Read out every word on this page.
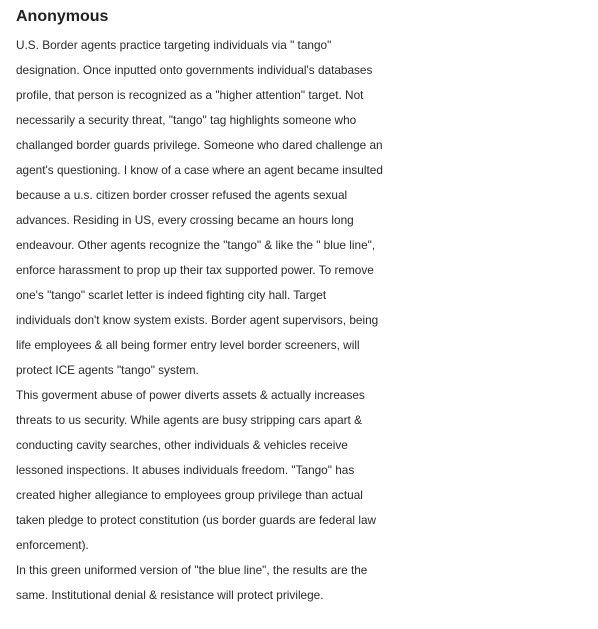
Anonymous
U.S. Border agents practice targeting individuals via " tango"
designation. Once inputted onto governments individual's databases
profile, that person is recognized as a "higher attention" target. Not
necessarily a security threat, "tango" tag highlights someone who
challanged border guards privilege. Someone who dared challenge an
agent's questioning. I know of a case where an agent became insulted
because a u.s. citizen border crosser refused the agents sexual
advances. Residing in US, every crossing became an hours long
endeavour. Other agents recognize the "tango" & like the " blue line",
enforce harassment to prop up their tax supported power. To remove
one's "tango" scarlet letter is indeed fighting city hall. Target
individuals don't know system exists. Border agent supervisors, being
life employees & all being former entry level border screeners, will
protect ICE agents "tango" system.
This goverment abuse of power diverts assets & actually increases
threats to us security. While agents are busy stripping cars apart &
conducting cavity searches, other individuals & vehicles receive
lessoned inspections. It abuses individuals freedom. "Tango" has
created higher allegiance to employees group privilege than actual
taken pledge to protect constitution (us border guards are federal law
enforcement).
In this green uniformed version of "the blue line", the results are the
same. Institutional denial & resistance will protect privilege.
